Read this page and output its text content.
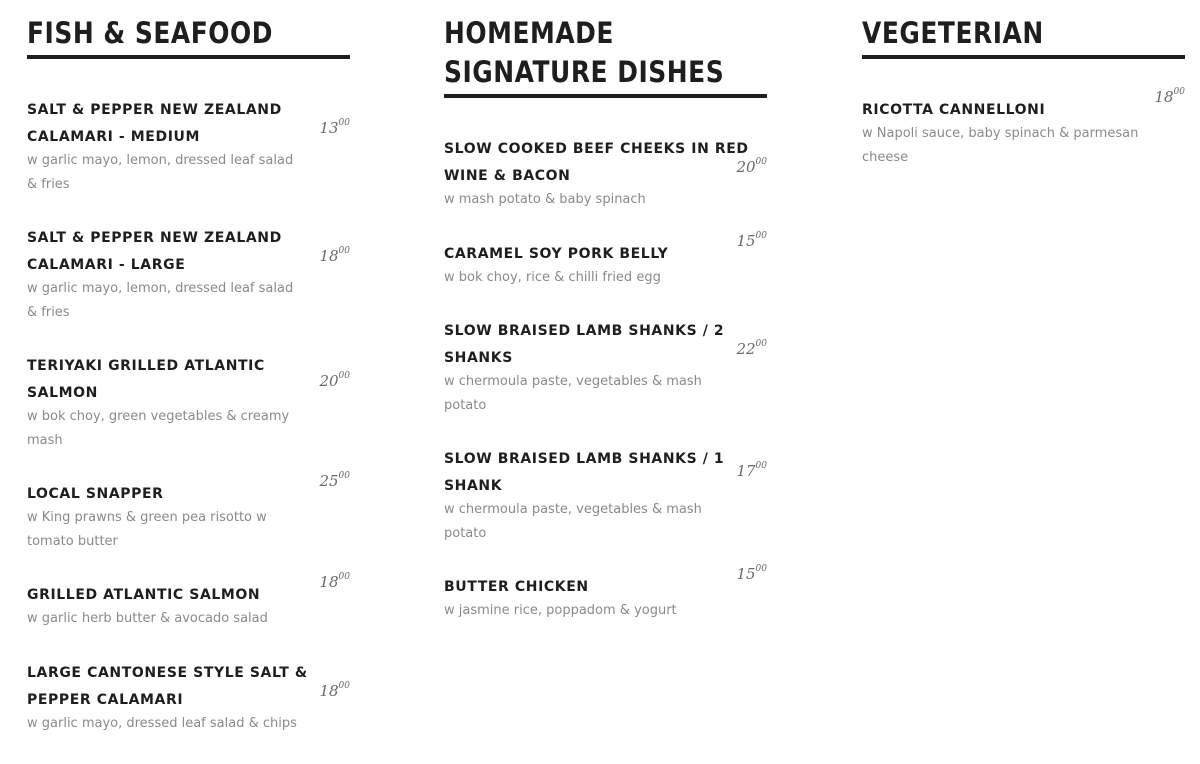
FISH & SEAFOOD
SALT & PEPPER NEW ZEALAND CALAMARI - MEDIUM
w garlic mayo, lemon, dressed leaf salad & fries
$13^{00}$
SALT & PEPPER NEW ZEALAND CALAMARI - LARGE
w garlic mayo, lemon, dressed leaf salad & fries
$18^{00}$
TERIYAKI GRILLED ATLANTIC SALMON
w bok choy, green vegetables & creamy mash
$20^{00}$
LOCAL SNAPPER
w King prawns & green pea risotto w tomato butter
$25^{00}$
GRILLED ATLANTIC SALMON
w garlic herb butter & avocado salad
$18^{00}$
LARGE CANTONESE STYLE SALT & PEPPER CALAMARI
w garlic mayo, dressed leaf salad & chips
$18^{00}$
HOMEMADE
SIGNATURE DISHES
SLOW COOKED BEEF CHEEKS IN RED WINE & BACON
w mash potato & baby spinach
$20^{00}$
CARAMEL SOY PORK BELLY
w bok choy, rice & chilli fried egg
$15^{00}$
SLOW BRAISED LAMB SHANKS / 2 SHANKS
w chermoula paste, vegetables & mash potato
$22^{00}$
SLOW BRAISED LAMB SHANKS / 1 SHANK
w chermoula paste, vegetables & mash potato
$17^{00}$
BUTTER CHICKEN
w jasmine rice, poppadom & yogurt
$15^{00}$
VEGETERIAN
RICOTTA CANNELLONI
w Napoli sauce, baby spinach & parmesan cheese
$18^{00}$
